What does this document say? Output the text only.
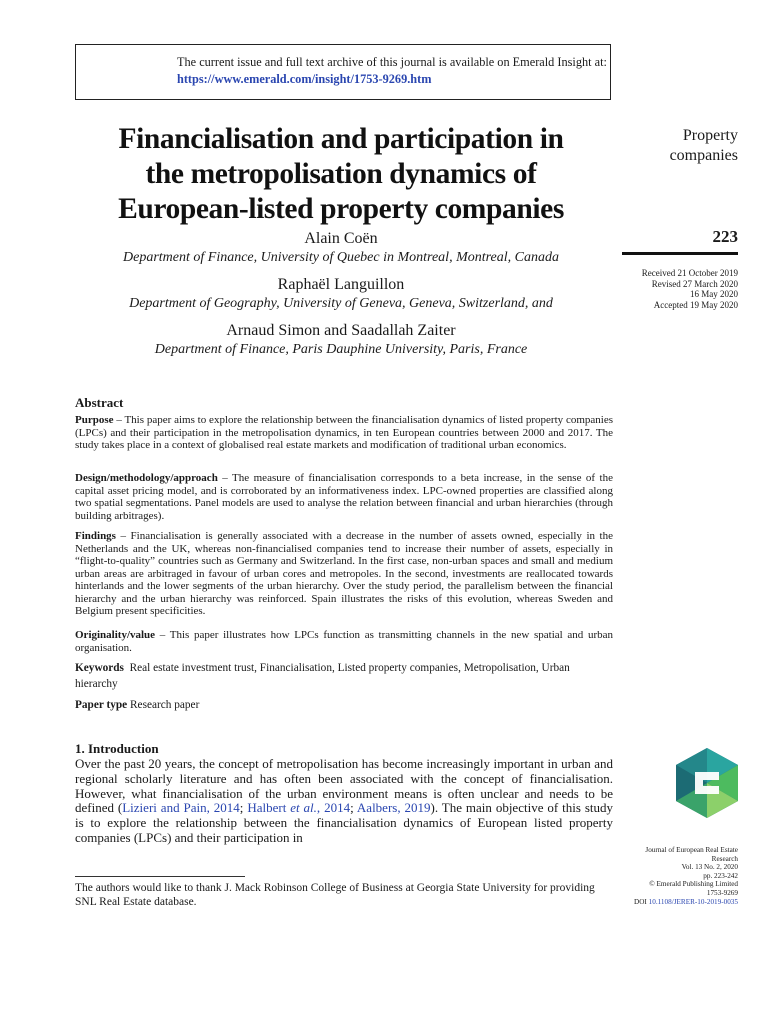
The current issue and full text archive of this journal is available on Emerald Insight at:
https://www.emerald.com/insight/1753-9269.htm
Financialisation and participation in
the metropolisation dynamics of
European-listed property companies
Property
companies
223
Received 21 October 2019
Revised 27 March 2020
16 May 2020
Accepted 19 May 2020
Alain Coën
Department of Finance, University of Quebec in Montreal, Montreal, Canada
Raphaël Languillon
Department of Geography, University of Geneva, Geneva, Switzerland, and
Arnaud Simon and Saadallah Zaiter
Department of Finance, Paris Dauphine University, Paris, France
Abstract
Purpose – This paper aims to explore the relationship between the financialisation dynamics of listed property companies (LPCs) and their participation in the metropolisation dynamics, in ten European countries between 2000 and 2017. The study takes place in a context of globalised real estate markets and modification of traditional urban economics.
Design/methodology/approach – The measure of financialisation corresponds to a beta increase, in the sense of the capital asset pricing model, and is corroborated by an informativeness index. LPC-owned properties are classified along two spatial segmentations. Panel models are used to analyse the relation between financial and urban hierarchies (through building arbitrages).
Findings – Financialisation is generally associated with a decrease in the number of assets owned, especially in the Netherlands and the UK, whereas non-financialised companies tend to increase their number of assets, especially in “flight-to-quality” countries such as Germany and Switzerland. In the first case, non-urban spaces and small and medium urban areas are arbitraged in favour of urban cores and metropoles. In the second, investments are reallocated towards hinterlands and the lower segments of the urban hierarchy. Over the study period, the parallelism between the financial hierarchy and the urban hierarchy was reinforced. Spain illustrates the risks of this evolution, whereas Sweden and Belgium present specificities.
Originality/value – This paper illustrates how LPCs function as transmitting channels in the new spatial and urban organisation.
Keywords Real estate investment trust, Financialisation, Listed property companies, Metropolisation, Urban hierarchy
Paper type Research paper
1. Introduction
Over the past 20 years, the concept of metropolisation has become increasingly important in urban and regional scholarly literature and has often been associated with the concept of financialisation. However, what financialisation of the urban environment means is often unclear and needs to be defined (Lizieri and Pain, 2014; Halbert et al., 2014; Aalbers, 2019). The main objective of this study is to explore the relationship between the financialisation dynamics of European listed property companies (LPCs) and their participation in
The authors would like to thank J. Mack Robinson College of Business at Georgia State University for providing SNL Real Estate database.
Journal of European Real Estate
Research
Vol. 13 No. 2, 2020
pp. 223-242
© Emerald Publishing Limited
1753-9269
DOI 10.1108/JERER-10-2019-0035
